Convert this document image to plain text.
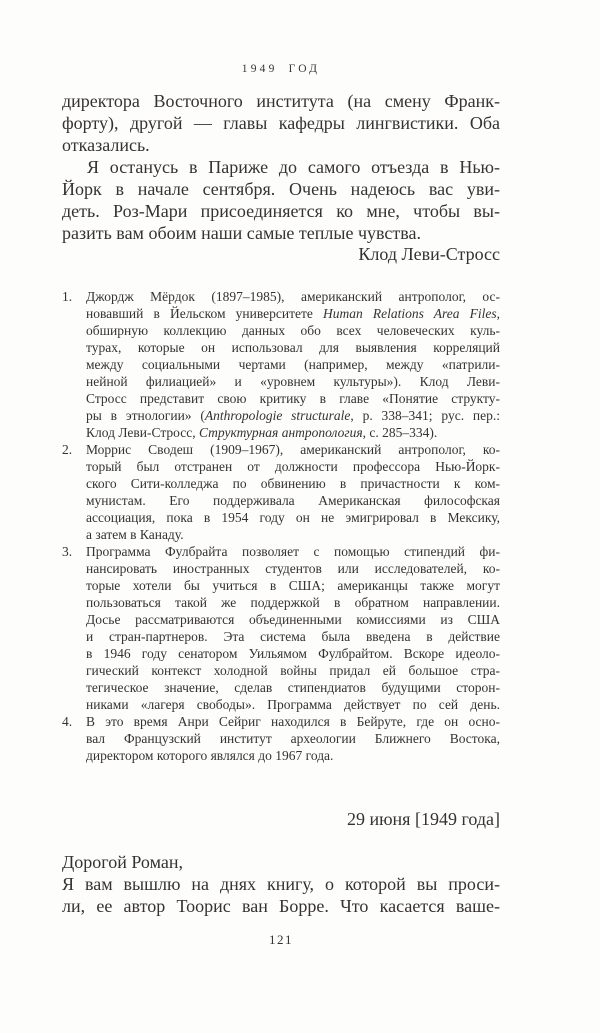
1949 ГОД
директора Восточного института (на смену Франк-
форту), другой — главы кафедры лингвистики. Оба
отказались.
Я останусь в Париже до самого отъезда в Нью-
Йорк в начале сентября. Очень надеюсь вас уви-
деть. Роз-Мари присоединяется ко мне, чтобы вы-
разить вам обоим наши самые теплые чувства.
Клод Леви-Стросс
1.	Джордж Мёрдок (1897–1985), американский антрополог, ос-
новавший в Йельском университете Human Relations Area Files,
обширную коллекцию данных обо всех человеческих куль-
турах, которые он использовал для выявления корреляций
между социальными чертами (например, между «патрили-
нейной филиацией» и «уровнем культуры»). Клод Леви-
Стросс представит свою критику в главе «Понятие структу-
ры в этнологии» (Anthropologie structurale, p. 338–341; рус. пер.:
Клод Леви-Стросс, Структурная антропология, с. 285–334).
2.	Моррис Сводеш (1909–1967), американский антрополог, ко-
торый был отстранен от должности профессора Нью-Йорк-
ского Сити-колледжа по обвинению в причастности к ком-
мунистам. Его поддерживала Американская философская
ассоциация, пока в 1954 году он не эмигрировал в Мексику,
а затем в Канаду.
3.	Программа Фулбрайта позволяет с помощью стипендий фи-
нансировать иностранных студентов или исследователей, ко-
торые хотели бы учиться в США; американцы также могут
пользоваться такой же поддержкой в обратном направлении.
Досье рассматриваются объединенными комиссиями из США
и стран-партнеров. Эта система была введена в действие
в 1946 году сенатором Уильямом Фулбрайтом. Вскоре идеоло-
гический контекст холодной войны придал ей большое стра-
тегическое значение, сделав стипендиатов будущими сторон-
никами «лагеря свободы». Программа действует по сей день.
4.	В это время Анри Сейриг находился в Бейруте, где он осно-
вал Французский институт археологии Ближнего Востока,
директором которого являлся до 1967 года.
29 июня [1949 года]
Дорогой Роман,
Я вам вышлю на днях книгу, о которой вы проси-
ли, ее автор Тоорис ван Борре. Что касается ваше-
121
